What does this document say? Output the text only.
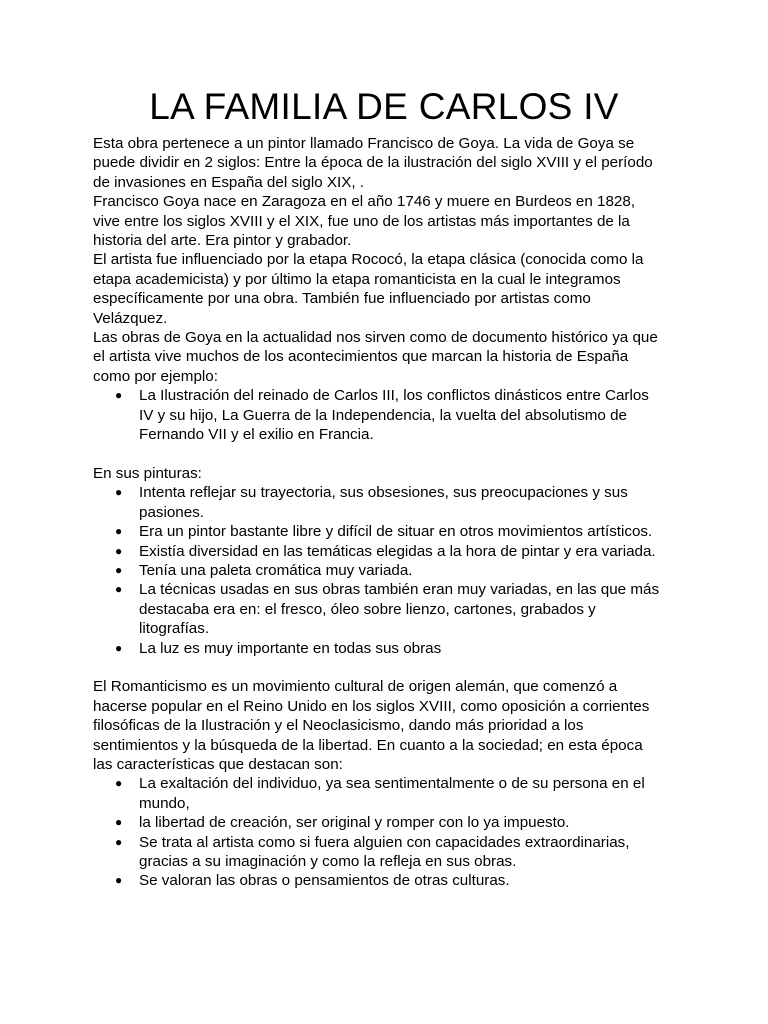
LA FAMILIA DE CARLOS IV

Esta obra pertenece a un pintor llamado Francisco de Goya. La vida de Goya se
puede dividir en 2 siglos: Entre la época de la ilustración del siglo XVIII y el período
de invasiones en España del siglo XIX, .

Francisco Goya nace en Zaragoza en el año 1746 y muere en Burdeos en 1828,
vive entre los siglos XVIII y el XIX, fue uno de los artistas más importantes de la
historia del arte. Era pintor y grabador.

El artista fue influenciado por la etapa Rococó, la etapa clásica (conocida como la
etapa academicista) y por último la etapa romanticista en la cual le integramos
específicamente por una obra. También fue influenciado por artistas como
Velázquez.

Las obras de Goya en la actualidad nos sirven como de documento histórico ya que
el artista vive muchos de los acontecimientos que marcan la historia de España
como por ejemplo:

● La Ilustración del reinado de Carlos III, los conflictos dinásticos entre Carlos
IV y su hijo, La Guerra de la Independencia, la vuelta del absolutismo de
Fernando VII y el exilio en Francia.

En sus pinturas:

● Intenta reflejar su trayectoria, sus obsesiones, sus preocupaciones y sus
pasiones.
● Era un pintor bastante libre y difícil de situar en otros movimientos artísticos.
● Existía diversidad en las temáticas elegidas a la hora de pintar y era variada.
● Tenía una paleta cromática muy variada.
● La técnicas usadas en sus obras también eran muy variadas, en las que más
destacaba era en: el fresco, óleo sobre lienzo, cartones, grabados y
litografías.
● La luz es muy importante en todas sus obras

El Romanticismo es un movimiento cultural de origen alemán, que comenzó a
hacerse popular en el Reino Unido en los siglos XVIII, como oposición a corrientes
filosóficas de la Ilustración y el Neoclasicismo, dando más prioridad a los
sentimientos y la búsqueda de la libertad. En cuanto a la sociedad; en esta época
las características que destacan son:

● La exaltación del individuo, ya sea sentimentalmente o de su persona en el
mundo,
● la libertad de creación, ser original y romper con lo ya impuesto.
● Se trata al artista como si fuera alguien con capacidades extraordinarias,
gracias a su imaginación y como la refleja en sus obras.
● Se valoran las obras o pensamientos de otras culturas.
